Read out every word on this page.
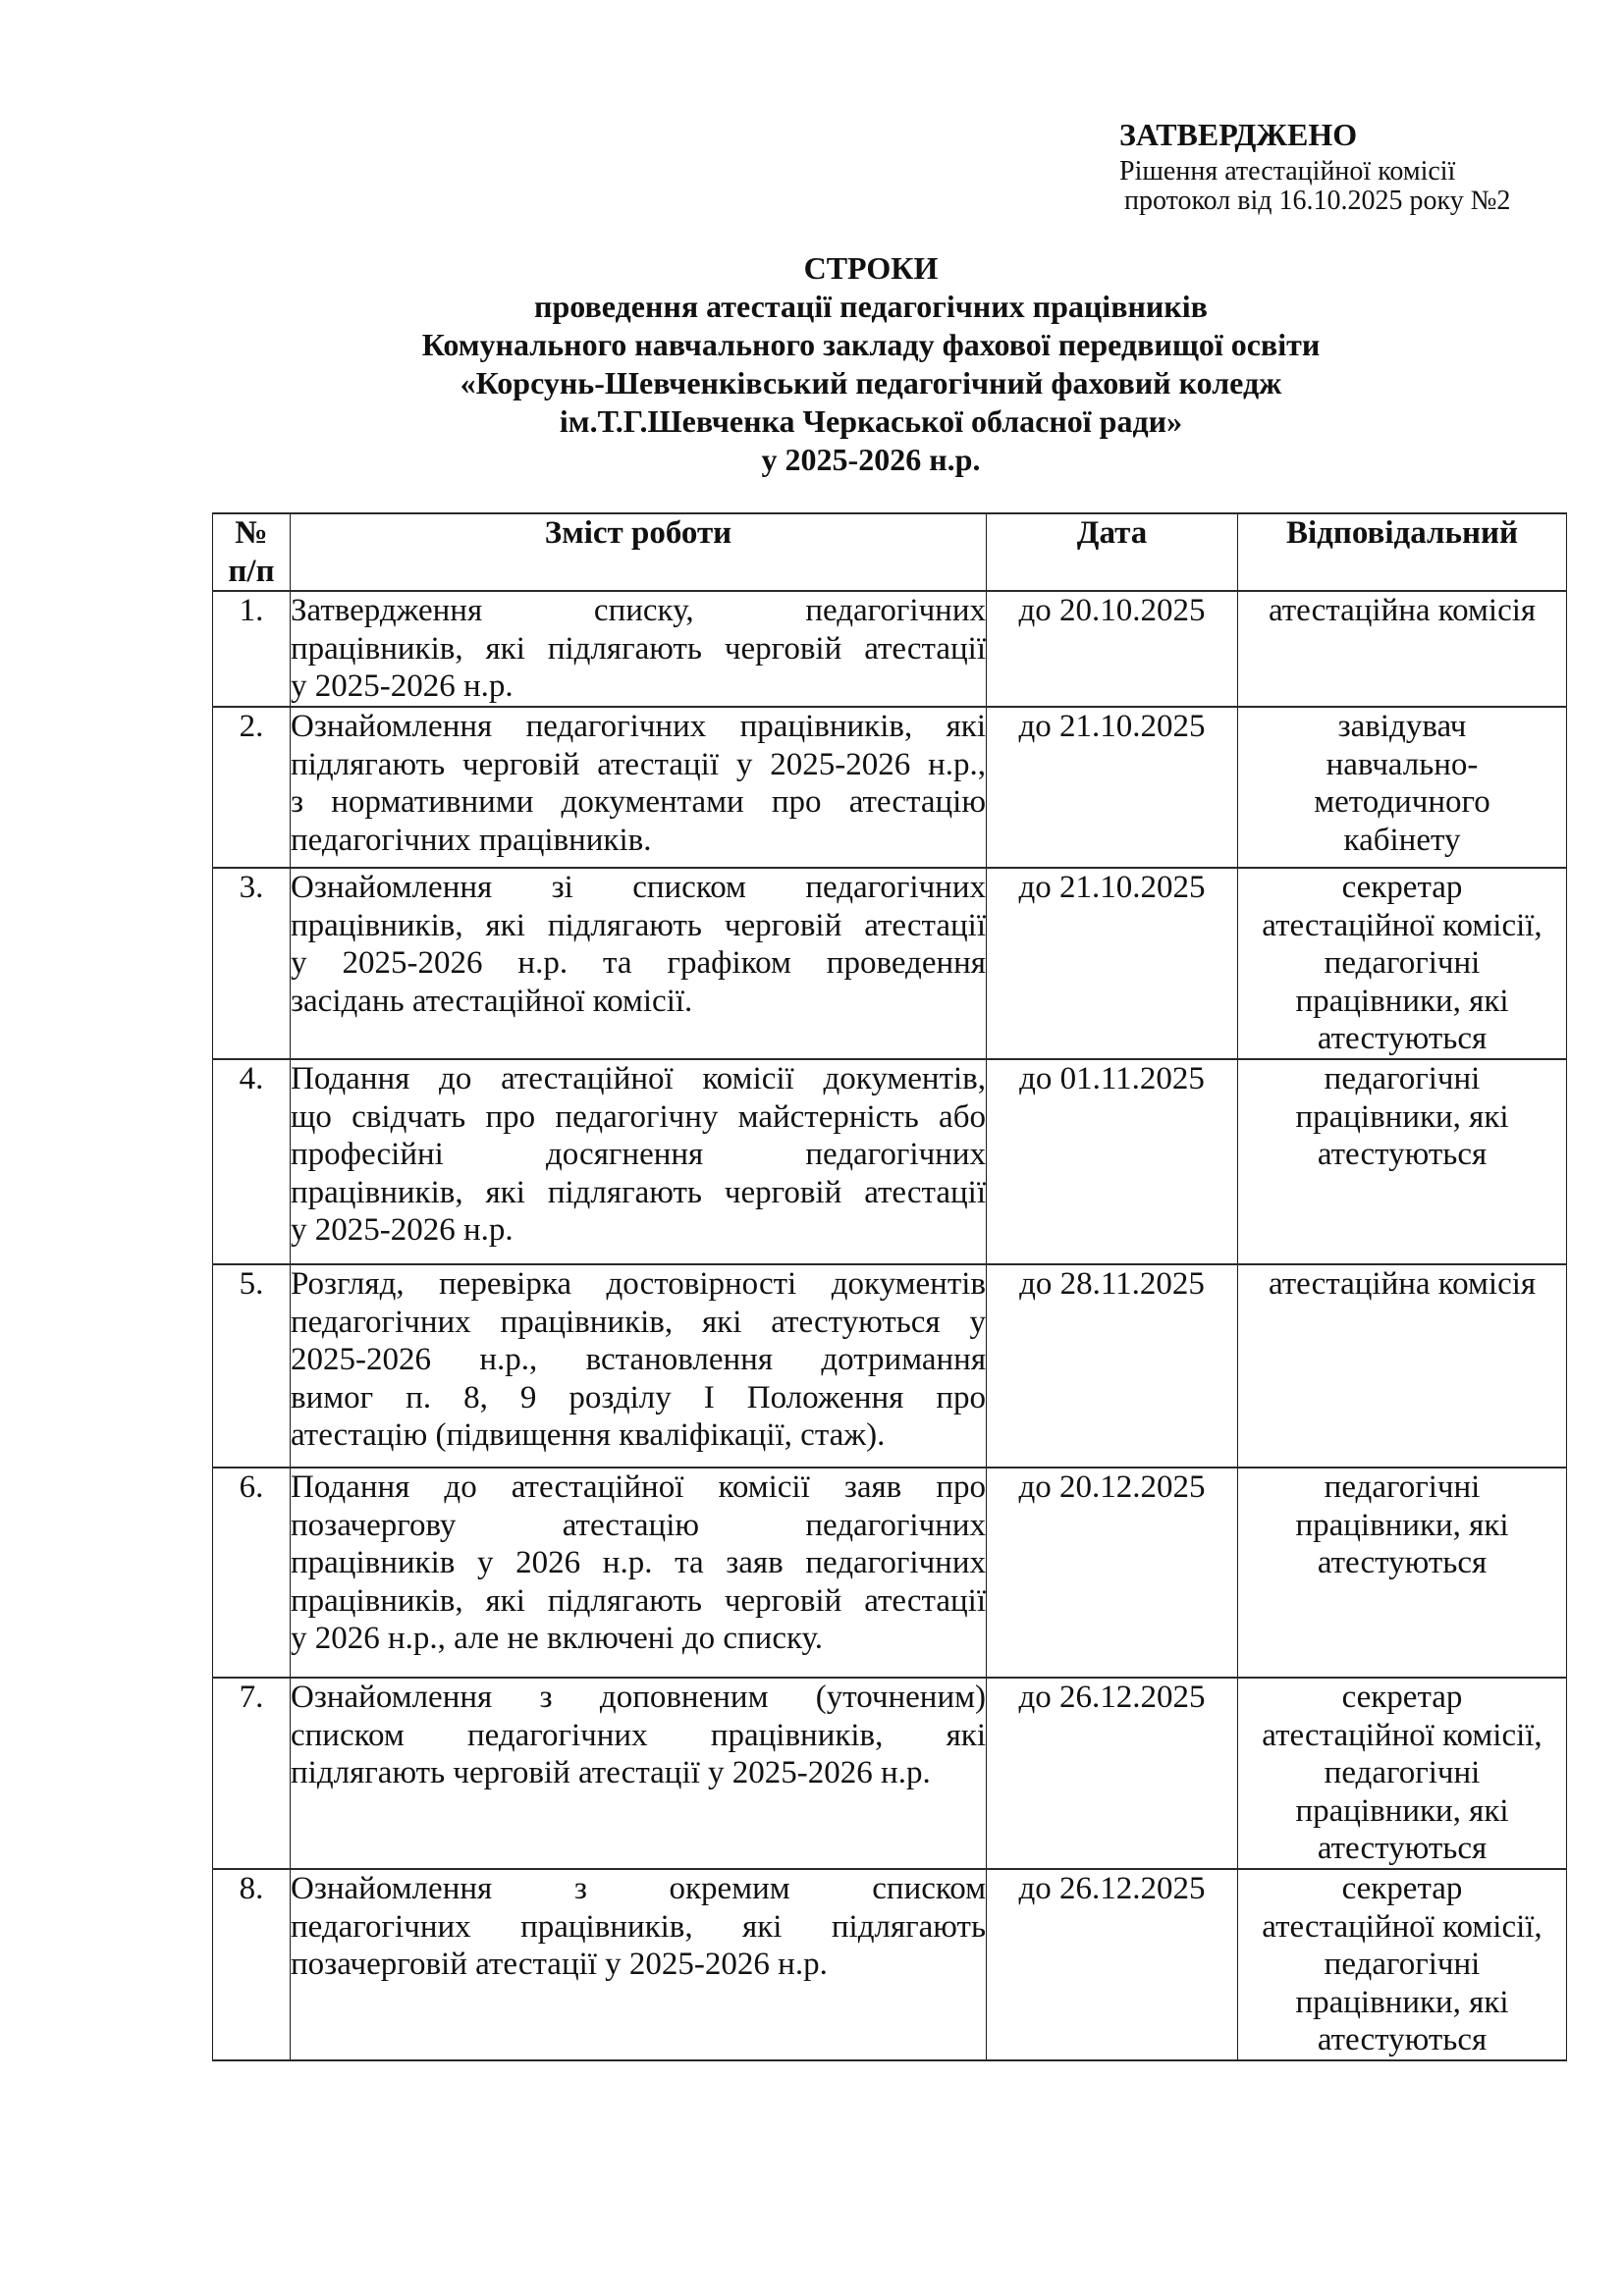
ЗАТВЕРДЖЕНО
Рішення атестаційної комісії
протокол від 16.10.2025 року №2
СТРОКИ
проведення атестації педагогічних працівників
Комунального навчального закладу фахової передвищої освіти
«Корсунь-Шевченківський педагогічний фаховий коледж
ім.Т.Г.Шевченка Черкаської обласної ради»
у 2025-2026 н.р.
№
п/п	Зміст роботи	Дата	Відповідальний
1.	Затвердження списку, педагогічних
працівників, які підлягають черговій атестації
у 2025-2026 н.р.	до 20.10.2025	атестаційна комісія

2.	Ознайомлення педагогічних працівників, які
підлягають черговій атестації у 2025-2026 н.р.,
з нормативними документами про атестацію
педагогічних працівників.	до 21.10.2025	завідувач
навчально-
методичного
кабінету

3.	Ознайомлення зі списком педагогічних
працівників, які підлягають черговій атестації
у 2025-2026 н.р. та графіком проведення
засідань атестаційної комісії.	до 21.10.2025	секретар
атестаційної комісії,
педагогічні
працівники, які
атестуються

4.	Подання до атестаційної комісії документів,
що свідчать про педагогічну майстерність або
професійні досягнення педагогічних
працівників, які підлягають черговій атестації
у 2025-2026 н.р.	до 01.11.2025	педагогічні
працівники, які
атестуються

5.	Розгляд, перевірка достовірності документів
педагогічних працівників, які атестуються у
2025-2026 н.р., встановлення дотримання
вимог п. 8, 9 розділу І Положення про
атестацію (підвищення кваліфікації, стаж).	до 28.11.2025	атестаційна комісія

6.	Подання до атестаційної комісії заяв про
позачергову атестацію педагогічних
працівників у 2026 н.р. та заяв педагогічних
працівників, які підлягають черговій атестації
у 2026 н.р., але не включені до списку.
	до 20.12.2025	педагогічні
працівники, які
атестуються

7.	Ознайомлення з доповненим (уточненим)
списком педагогічних працівників, які
підлягають черговій атестації у 2025-2026 н.р.	до 26.12.2025	секретар
атестаційної комісії,
педагогічні
працівники, які
атестуються

8.	Ознайомлення з окремим списком
педагогічних працівників, які підлягають
позачерговій атестації у 2025-2026 н.р.	до 26.12.2025	секретар
атестаційної комісії,
педагогічні
працівники, які
атестуються
